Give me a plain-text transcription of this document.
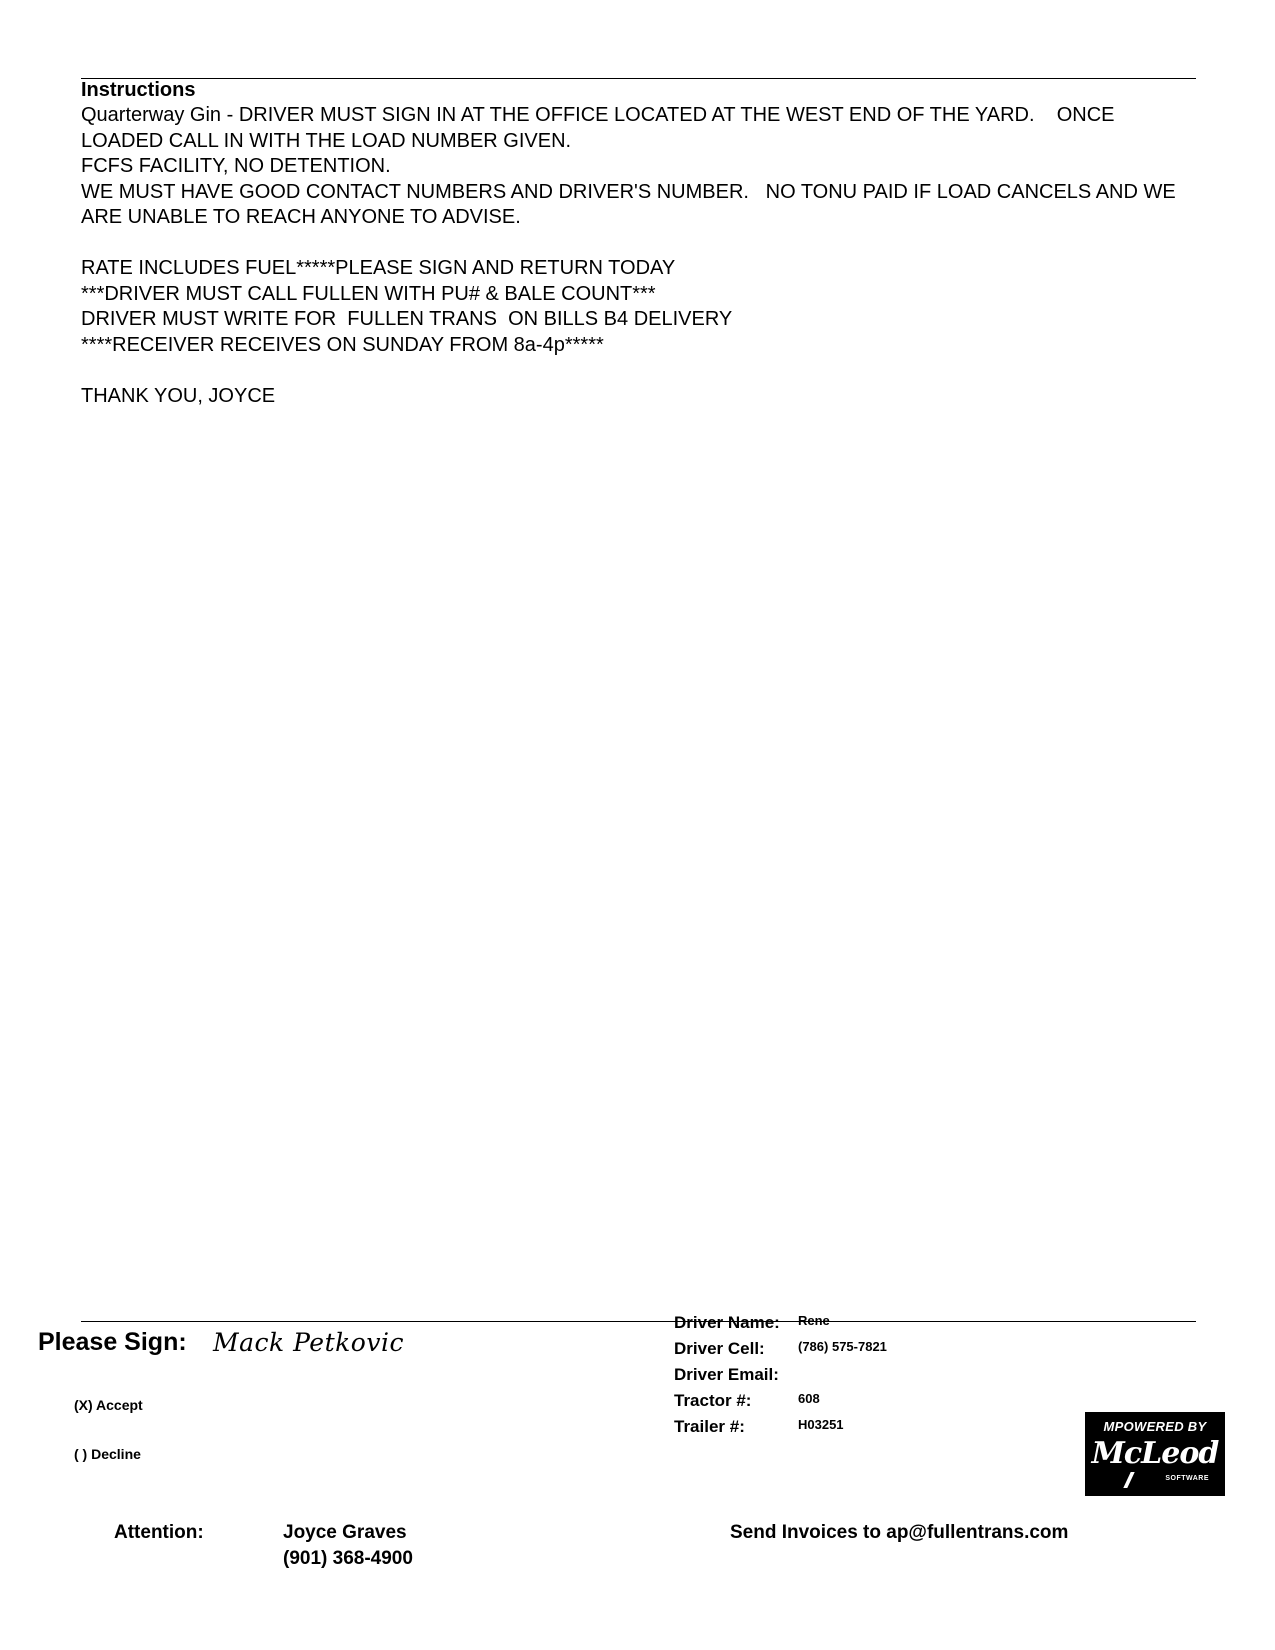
Instructions
Quarterway Gin - DRIVER MUST SIGN IN AT THE OFFICE LOCATED AT THE WEST END OF THE YARD.    ONCE
LOADED CALL IN WITH THE LOAD NUMBER GIVEN.
FCFS FACILITY, NO DETENTION.
WE MUST HAVE GOOD CONTACT NUMBERS AND DRIVER'S NUMBER.   NO TONU PAID IF LOAD CANCELS AND WE
ARE UNABLE TO REACH ANYONE TO ADVISE.
RATE INCLUDES FUEL*****PLEASE SIGN AND RETURN TODAY
***DRIVER MUST CALL FULLEN WITH PU# & BALE COUNT***
DRIVER MUST WRITE FOR  FULLEN TRANS  ON BILLS B4 DELIVERY
****RECEIVER RECEIVES ON SUNDAY FROM 8a-4p*****
THANK YOU, JOYCE
Please Sign: Mack Petkovic
(X) Accept
( ) Decline
Driver Name: Rene
Driver Cell:	(786) 575-7821
Driver Email:
Tractor #:	608
Trailer #:	H03251	MPOWERED BY
McLeod
SOFTWARE
Attention:	Joyce Graves
(901) 368-4900
Send Invoices to ap@fullentrans.com
